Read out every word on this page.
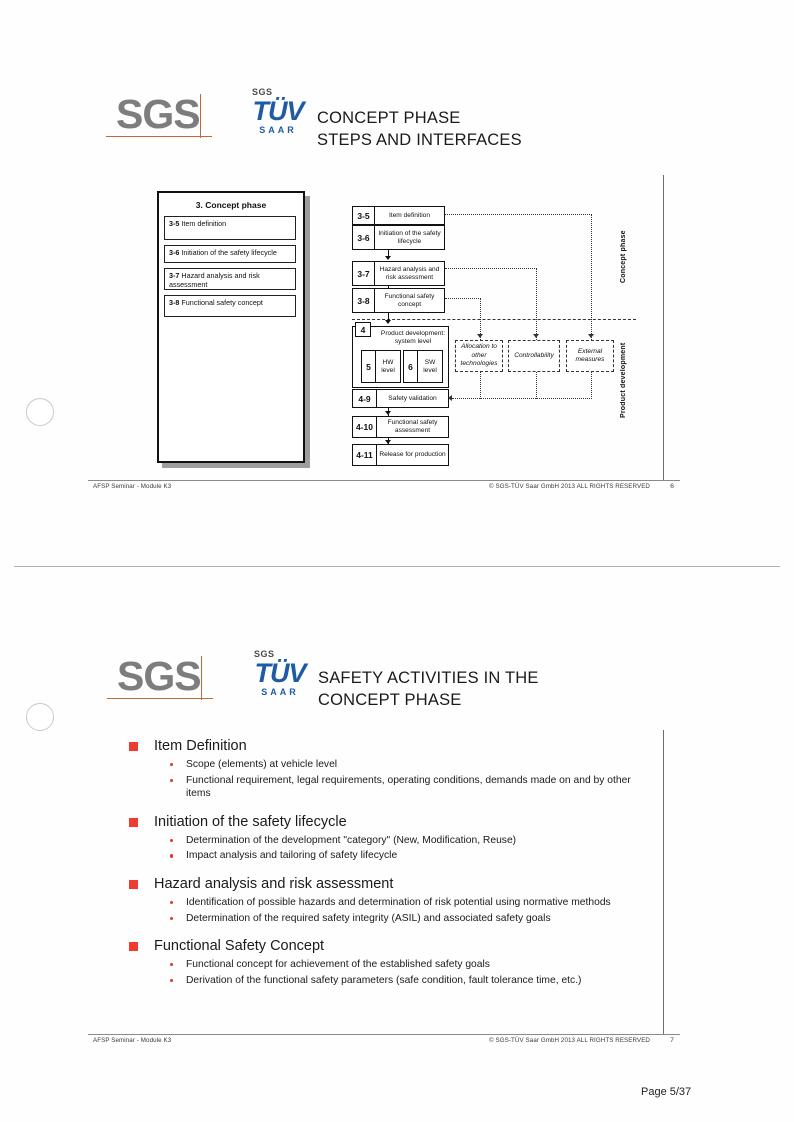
SGS	SGS
TÜV
SAAR
CONCEPT PHASE
STEPS AND INTERFACES
3. Concept phase
3-5 Item definition
3-6 Initiation of the safety lifecycle
3-7 Hazard analysis and risk assessment
3-8 Functional safety concept
3-5	Item definition
3-6	Initiation of the safety lifecycle
3-7	Hazard analysis and risk assessment
3-8	Functional safety concept
Product development: system level
4
5	HW level	6	SW level
4-9	Safety validation
4-10	Functional safety assessment
4-11 Release for production
Allocation to other technologies
Controllability
External measures
Concept phase
Product development
AFSP Seminar - Module K3	© SGS-TÜV Saar GmbH 2013 ALL RIGHTS RESERVED	6
SGS	SGS
TÜV
SAAR
SAFETY ACTIVITIES IN THE
CONCEPT PHASE
Item Definition
Scope (elements) at vehicle level
Functional requirement, legal requirements, operating conditions, demands made on and by other items
Initiation of the safety lifecycle
Determination of the development "category" (New, Modification, Reuse)
Impact analysis and tailoring of safety lifecycle
Hazard analysis and risk assessment
Identification of possible hazards and determination of risk potential using normative methods
Determination of the required safety integrity (ASIL) and associated safety goals
Functional Safety Concept
Functional concept for achievement of the established safety goals
Derivation of the functional safety parameters (safe condition, fault tolerance time, etc.)
AFSP Seminar - Module K3	© SGS-TÜV Saar GmbH 2013 ALL RIGHTS RESERVED	7
Page 5/37
